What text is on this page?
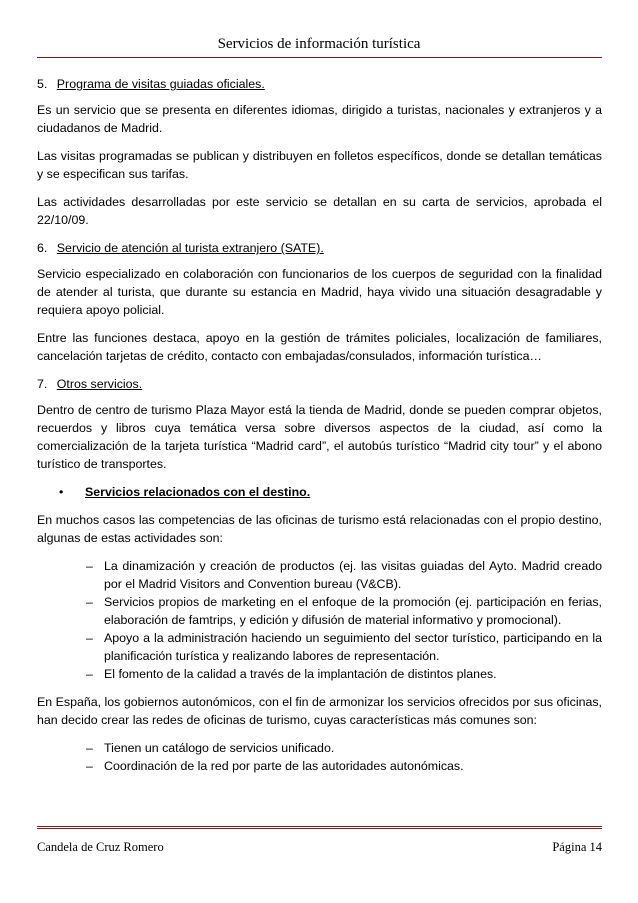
Servicios de información turística
5. Programa de visitas guiadas oficiales.

Es un servicio que se presenta en diferentes idiomas, dirigido a turistas, nacionales y extranjeros y a ciudadanos de Madrid.

Las visitas programadas se publican y distribuyen en folletos específicos, donde se detallan temáticas y se especifican sus tarifas.

Las actividades desarrolladas por este servicio se detallan en su carta de servicios, aprobada el 22/10/09.

6. Servicio de atención al turista extranjero (SATE).

Servicio especializado en colaboración con funcionarios de los cuerpos de seguridad con la finalidad de atender al turista, que durante su estancia en Madrid, haya vivido una situación desagradable y requiera apoyo policial.

Entre las funciones destaca, apoyo en la gestión de trámites policiales, localización de familiares, cancelación tarjetas de crédito, contacto con embajadas/consulados, información turística…

7. Otros servicios.

Dentro de centro de turismo Plaza Mayor está la tienda de Madrid, donde se pueden comprar objetos, recuerdos y libros cuya temática versa sobre diversos aspectos de la ciudad, así como la comercialización de la tarjeta turística “Madrid card”, el autobús turístico “Madrid city tour” y el abono turístico de transportes.

• Servicios relacionados con el destino.

En muchos casos las competencias de las oficinas de turismo está relacionadas con el propio destino, algunas de estas actividades son:

– La dinamización y creación de productos (ej. las visitas guiadas del Ayto. Madrid creado por el Madrid Visitors and Convention bureau (V&CB).
– Servicios propios de marketing en el enfoque de la promoción (ej. participación en ferias, elaboración de famtrips, y edición y difusión de material informativo y promocional).
– Apoyo a la administración haciendo un seguimiento del sector turístico, participando en la planificación turística y realizando labores de representación.
– El fomento de la calidad a través de la implantación de distintos planes.

En España, los gobiernos autonómicos, con el fin de armonizar los servicios ofrecidos por sus oficinas, han decido crear las redes de oficinas de turismo, cuyas características más comunes son:

– Tienen un catálogo de servicios unificado.
– Coordinación de la red por parte de las autoridades autonómicas.
Candela de Cruz Romero	Página 14
